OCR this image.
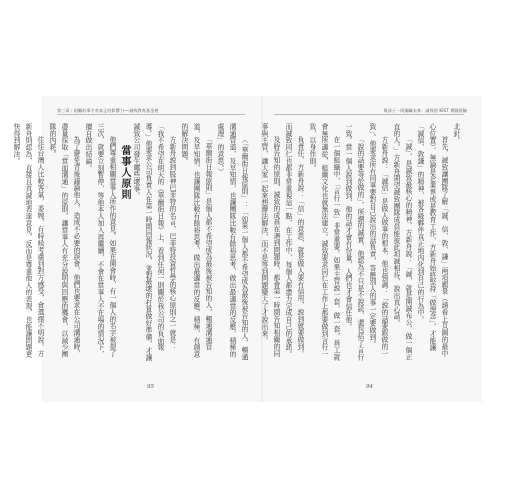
第三章｜困難的事才有真正的影響力──誠致教育基金會

（「華爾街日報原則」：「如果一個人都不希望成為最後被告知的人，暢通溝通管道，及早知情，也讓團隊比較有餘裕思考，做出最適當的反應，積極的處理」的意思。）

「華爾街日報原則」是個人都不希望成為最後被告知的人，暢通溝通管道，及早知情，也讓團隊比較有餘裕思考，做出最適當的反應，積極、有創意的解決問題。

方新舟說到股神巴菲特的名言，巴菲特投資哲學的核心原則之一就是：「我不希望在明天的《華爾街日報》上，看到任何一則關於我公司的負面報導。」他要求公司負責人在第一時間回報狀況，並對最壞的打算做好準備，才讓誠致公司發生哪些壞事。

當事人原則

他們尊重相關當事人所作的意見。如果在開會時，有一個人的名字被提了三次，就要立刻暫停，等他本人加入再繼續，不會在當事人不在場的情況下，擅自做出結論。

為了避免背後議論他人，造成不必要的誤會，他們也要求在公司溝通時，盡量採取「當面溝通」的原則，讓當事人有充分說明與回應的機會，以減少團隊的內耗。

往往台灣人比較客氣，委婉，有時候考慮到對方感受，會選擇不明說。方新舟則認為，直接且真誠地表達意見，反而是尊重他人的表現，也能讓問題更快得到解決。

95
與孩子一同編織未來：誠致的 KIST 實踐經驗

北針。

首先，誠致讓團隊了解「誠、信、敦、謙」兩項願景（請看上頁圖的最中心位置），無論是企業界或是教育工作，方新舟始終堅持「做理念」，才能讓「誠信、敦謙」的精神，被各級夥伴真正地內化到自己的行為中。

「誠」，是誠致最核心的精神，方新舟說：「誠，就是開誠布公，做一個正直的人。」方新舟期望誠致團隊成員能彼此坦誠相待，說出真心話。

方新舟說：「誠信」是做人做事的根本，他也強調：「說的話要跟做的一致」。他要求所有同事要對自己說出的話負責，答應別人的事一定要做到。

「說的話要等於做的」，所謂的誠實，他認為不只是不說謊，還包括了言行一致。當一個人說到做到，他的話才會有份量，人們也才會信任他。

在一個組織中，「言行一致」非常重要。如果主管說一套，做一套，員工就會無所適從，組織文化也就無法建立。誠致要求同仁在工作上都要做到言行一致，以身作則。

負責任，方新舟說：「信」的意思，就是做人要有信用，說到就要做到。而誠致同仁也都非常重視這一點，在工作中，每個人都盡力完成自己的承諾。

及時告知的原則，誠致的成員在遇到問題時，都會第一時間告知相關的同事與主管，讓大家一起來想辦法解決，而不是等到問題變大了才說出來。

94
